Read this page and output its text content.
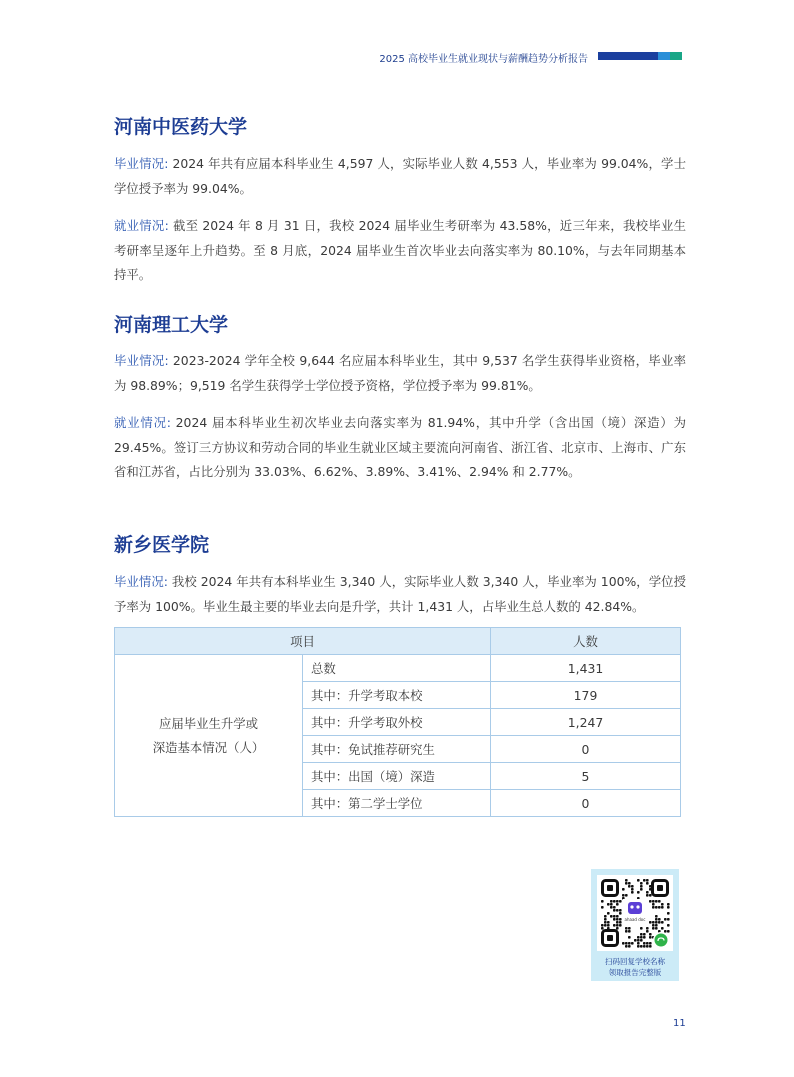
2025 高校毕业生就业现状与薪酬趋势分析报告
河南中医药大学

毕业情况: 2024 年共有应届本科毕业生 4,597 人，实际毕业人数 4,553 人，毕业率为 99.04%，学士学位授予率为 99.04%。

就业情况: 截至 2024 年 8 月 31 日，我校 2024 届毕业生考研率为 43.58%，近三年来，我校毕业生考研率呈逐年上升趋势。至 8 月底，2024 届毕业生首次毕业去向落实率为 80.10%，与去年同期基本持平。

河南理工大学

毕业情况: 2023-2024 学年全校 9,644 名应届本科毕业生，其中 9,537 名学生获得毕业资格，毕业率为 98.89%；9,519 名学生获得学士学位授予资格，学位授予率为 99.81%。

就业情况: 2024 届本科毕业生初次毕业去向落实率为 81.94%，其中升学（含出国（境）深造）为 29.45%。签订三方协议和劳动合同的毕业生就业区域主要流向河南省、浙江省、北京市、上海市、广东省和江苏省，占比分别为 33.03%、6.62%、3.89%、3.41%、2.94% 和 2.77%。

新乡医学院

毕业情况: 我校 2024 年共有本科毕业生 3,340 人，实际毕业人数 3,340 人，毕业率为 100%，学位授予率为 100%。毕业生最主要的毕业去向是升学，共计 1,431 人，占毕业生总人数的 42.84%。

项目		人数

应届毕业生升学或
深造基本情况（人）	总数	1,431
	其中：升学考取本校	179
	其中：升学考取外校	1,247
	其中：免试推荐研究生	0
	其中：出国（境）深造	5
	其中：第二学士学位	0
ahaad doc
扫码回复学校名称
领取报告完整版
11
